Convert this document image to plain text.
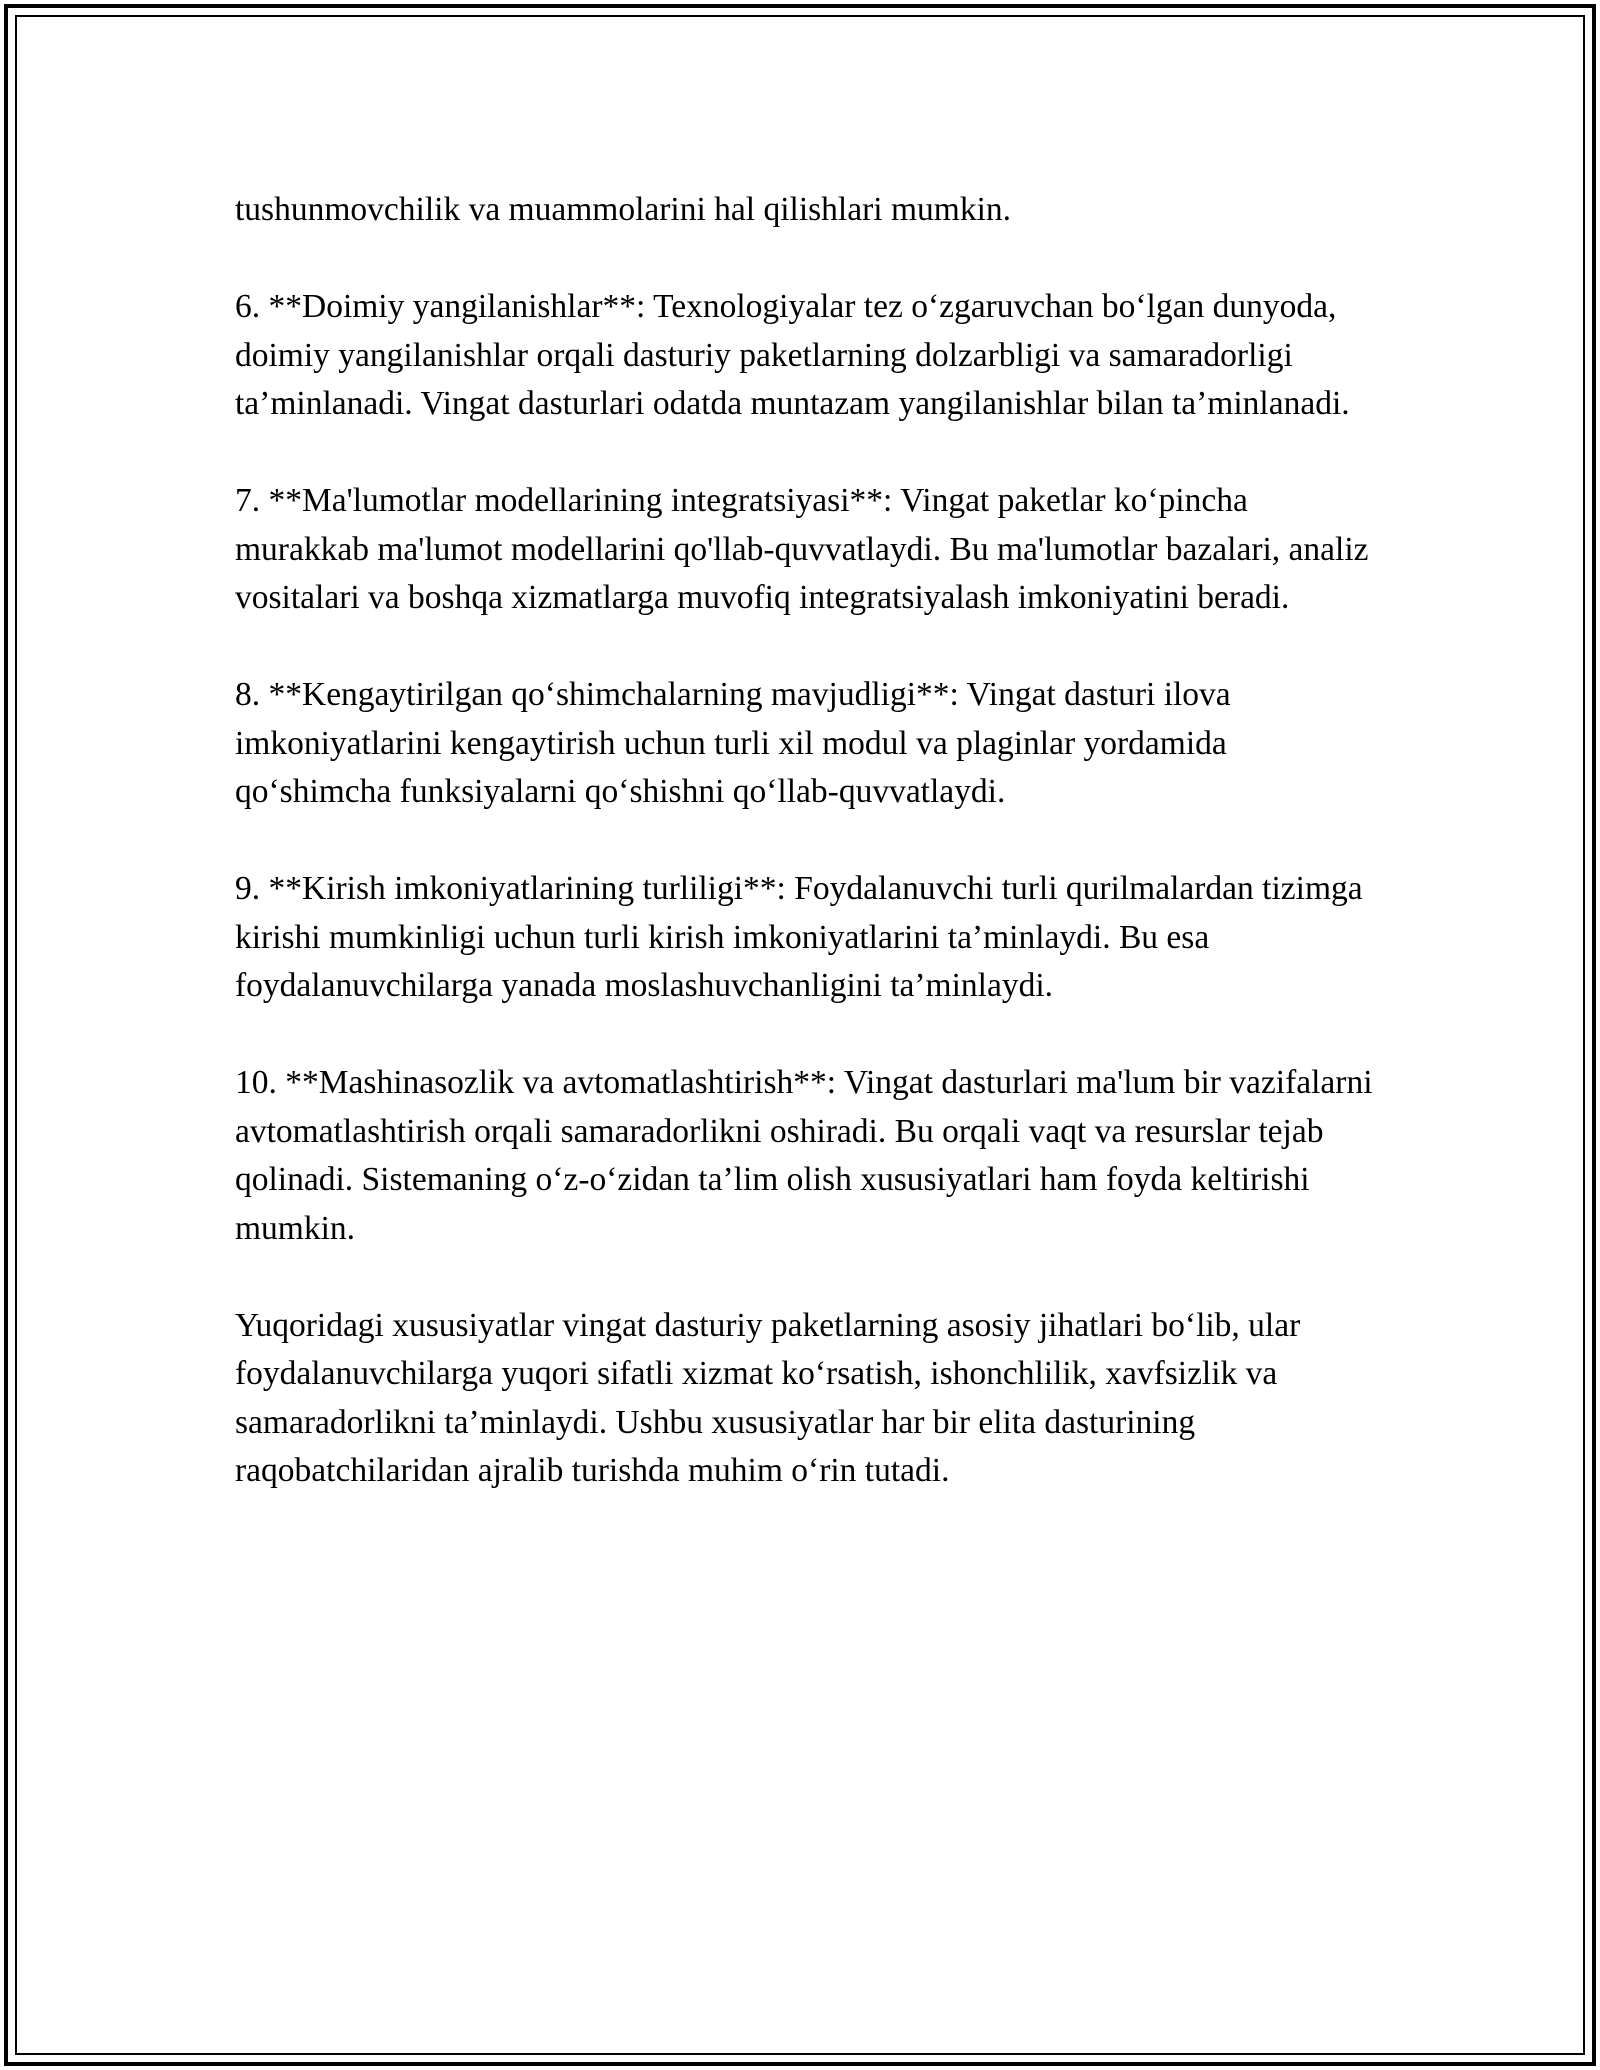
tushunmovchilik va muammolarini hal qilishlari mumkin.

6. **Doimiy yangilanishlar**: Texnologiyalar tez o‘zgaruvchan bo‘lgan dunyoda, doimiy yangilanishlar orqali dasturiy paketlarning dolzarbligi va samaradorligi ta’minlanadi. Vingat dasturlari odatda muntazam yangilanishlar bilan ta’minlanadi.

7. **Ma'lumotlar modellarining integratsiyasi**: Vingat paketlar ko‘pincha murakkab ma'lumot modellarini qo'llab-quvvatlaydi. Bu ma'lumotlar bazalari, analiz vositalari va boshqa xizmatlarga muvofiq integratsiyalash imkoniyatini beradi.

8. **Kengaytirilgan qo‘shimchalarning mavjudligi**: Vingat dasturi ilova imkoniyatlarini kengaytirish uchun turli xil modul va plaginlar yordamida qo‘shimcha funksiyalarni qo‘shishni qo‘llab-quvvatlaydi.

9. **Kirish imkoniyatlarining turliligi**: Foydalanuvchi turli qurilmalardan tizimga kirishi mumkinligi uchun turli kirish imkoniyatlarini ta’minlaydi. Bu esa foydalanuvchilarga yanada moslashuvchanligini ta’minlaydi.

10. **Mashinasozlik va avtomatlashtirish**: Vingat dasturlari ma'lum bir vazifalarni avtomatlashtirish orqali samaradorlikni oshiradi. Bu orqali vaqt va resurslar tejab qolinadi. Sistemaning o‘z-o‘zidan ta’lim olish xususiyatlari ham foyda keltirishi mumkin.

Yuqoridagi xususiyatlar vingat dasturiy paketlarning asosiy jihatlari bo‘lib, ular foydalanuvchilarga yuqori sifatli xizmat ko‘rsatish, ishonchlilik, xavfsizlik va samaradorlikni ta’minlaydi. Ushbu xususiyatlar har bir elita dasturining raqobatchilaridan ajralib turishda muhim o‘rin tutadi.
